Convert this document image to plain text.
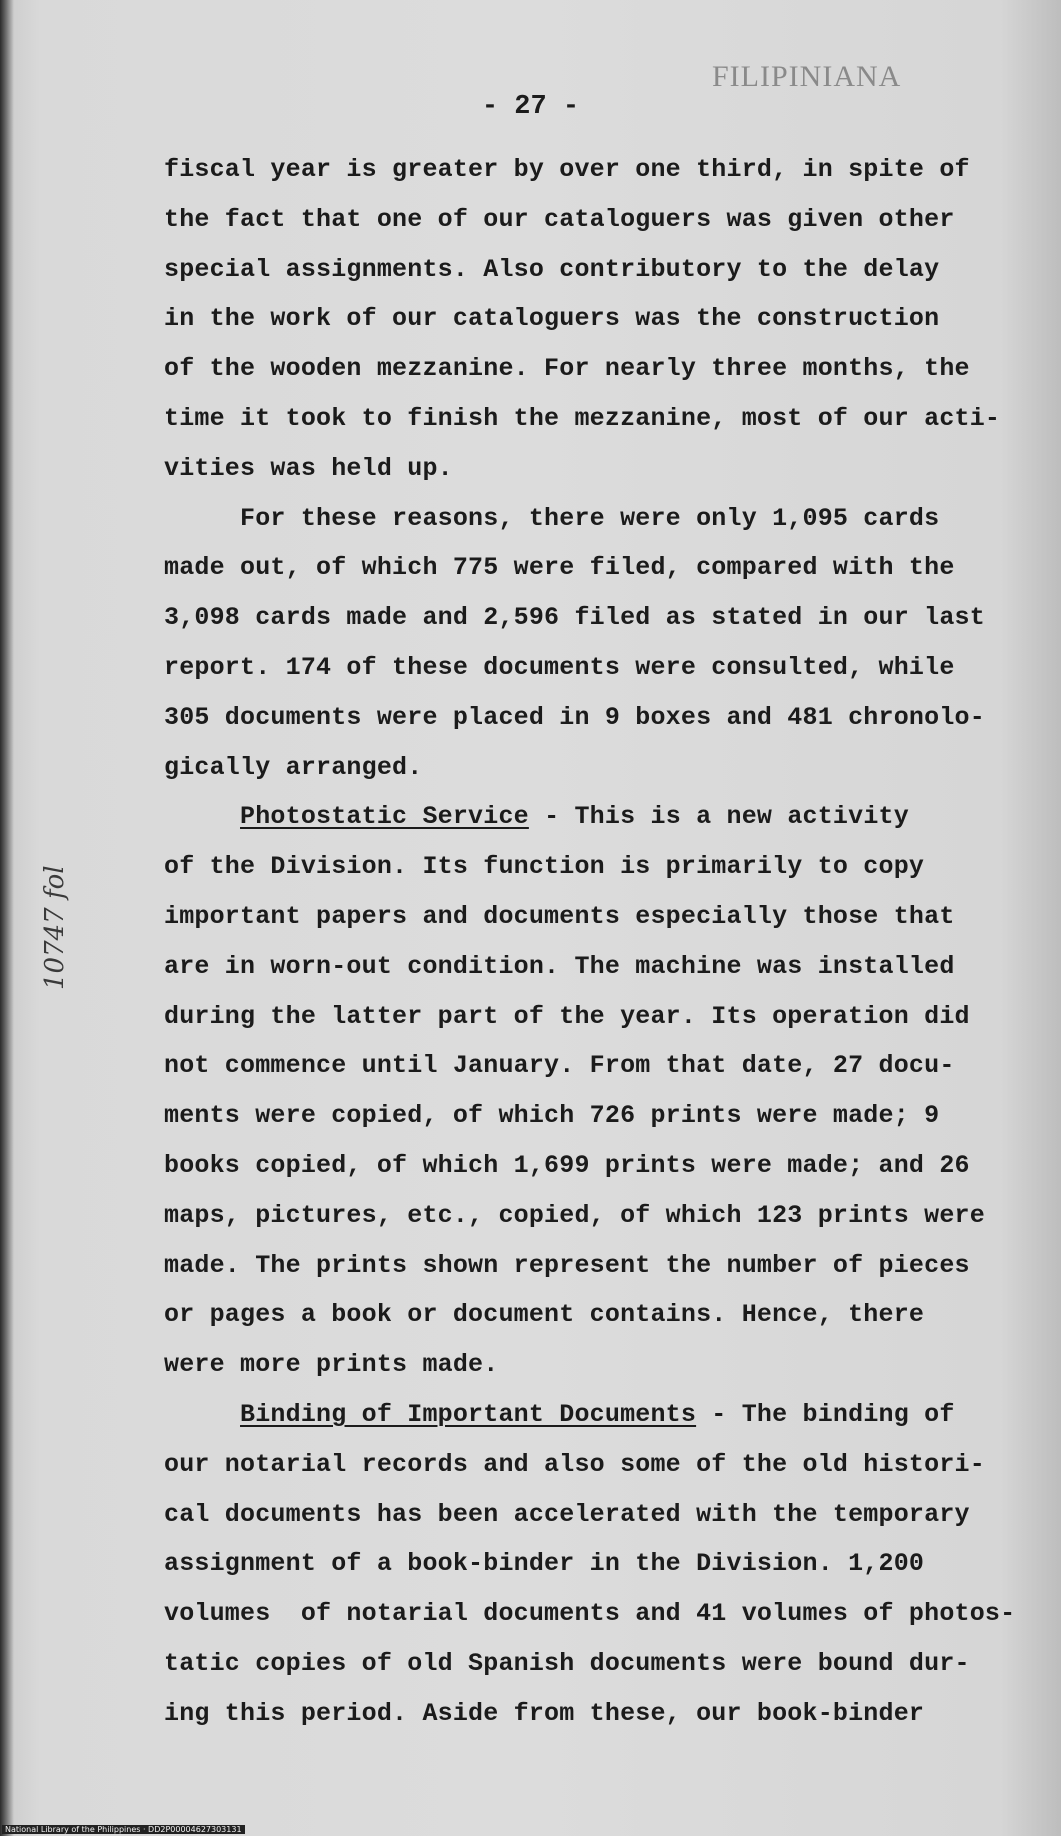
FILIPINIANA
- 27 -
fiscal year is greater by over one third, in spite of
the fact that one of our cataloguers was given other
special assignments. Also contributory to the delay
in the work of our cataloguers was the construction
of the wooden mezzanine. For nearly three months, the
time it took to finish the mezzanine, most of our acti-
vities was held up.
For these reasons, there were only 1,095 cards
made out, of which 775 were filed, compared with the
3,098 cards made and 2,596 filed as stated in our last
report. 174 of these documents were consulted, while
305 documents were placed in 9 boxes and 481 chronolo-
gically arranged.
Photostatic Service - This is a new activity
of the Division. Its function is primarily to copy
important papers and documents especially those that
are in worn-out condition. The machine was installed
during the latter part of the year. Its operation did
not commence until January. From that date, 27 docu-
ments were copied, of which 726 prints were made; 9
books copied, of which 1,699 prints were made; and 26
maps, pictures, etc., copied, of which 123 prints were
made. The prints shown represent the number of pieces
or pages a book or document contains. Hence, there
were more prints made.
Binding of Important Documents - The binding of
our notarial records and also some of the old histori-
cal documents has been accelerated with the temporary
assignment of a book-binder in the Division. 1,200
volumes  of notarial documents and 41 volumes of photos-
tatic copies of old Spanish documents were bound dur-
ing this period. Aside from these, our book-binder
10747 fol
National Library of the Philippines · DD2P00004627303131
